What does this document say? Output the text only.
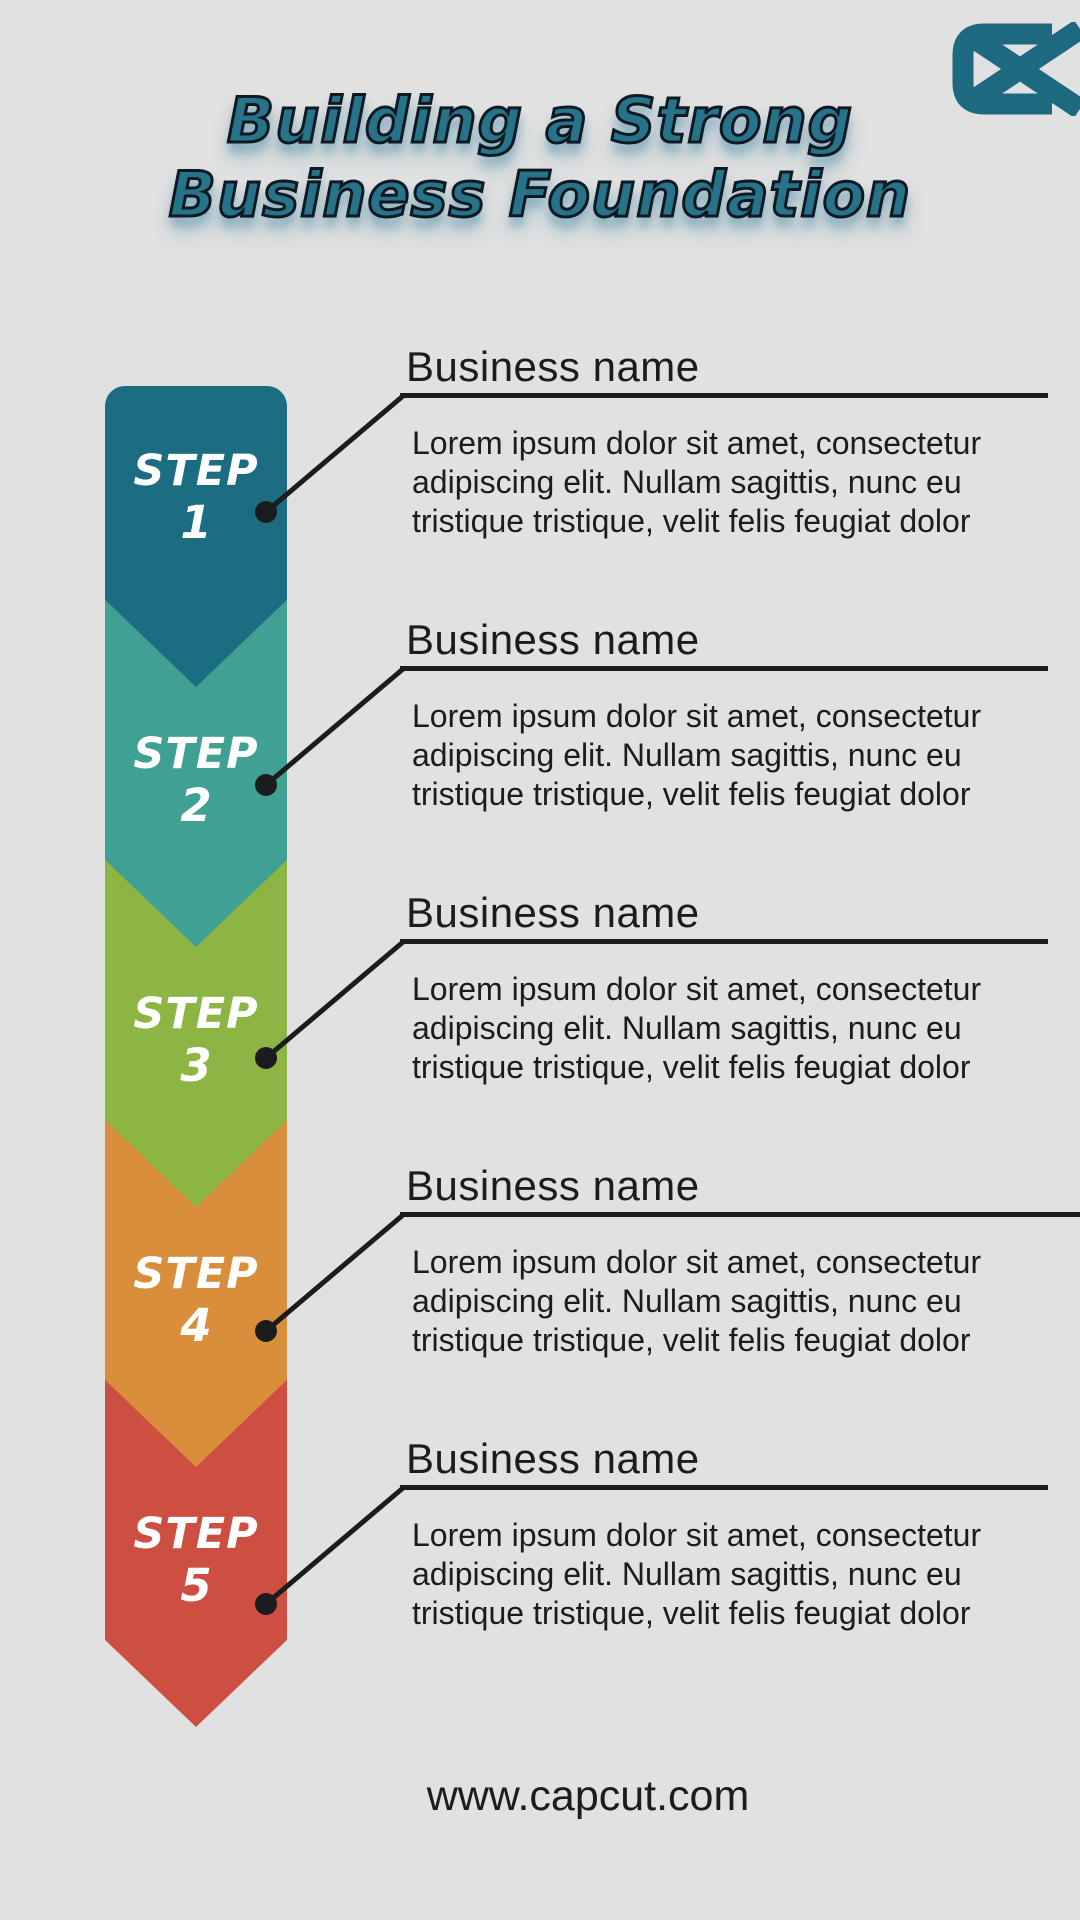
Building a Strong
Business Foundation
STEP
1
STEP
2
STEP
3
STEP
4
STEP
5
Business name

Lorem ipsum dolor sit amet, consectetur
adipiscing elit. Nullam sagittis, nunc eu
tristique tristique, velit felis feugiat dolor

Business name

Lorem ipsum dolor sit amet, consectetur
adipiscing elit. Nullam sagittis, nunc eu
tristique tristique, velit felis feugiat dolor

Business name

Lorem ipsum dolor sit amet, consectetur
adipiscing elit. Nullam sagittis, nunc eu
tristique tristique, velit felis feugiat dolor

Business name

Lorem ipsum dolor sit amet, consectetur
adipiscing elit. Nullam sagittis, nunc eu
tristique tristique, velit felis feugiat dolor

Business name

Lorem ipsum dolor sit amet, consectetur
adipiscing elit. Nullam sagittis, nunc eu
tristique tristique, velit felis feugiat dolor

www.capcut.com
